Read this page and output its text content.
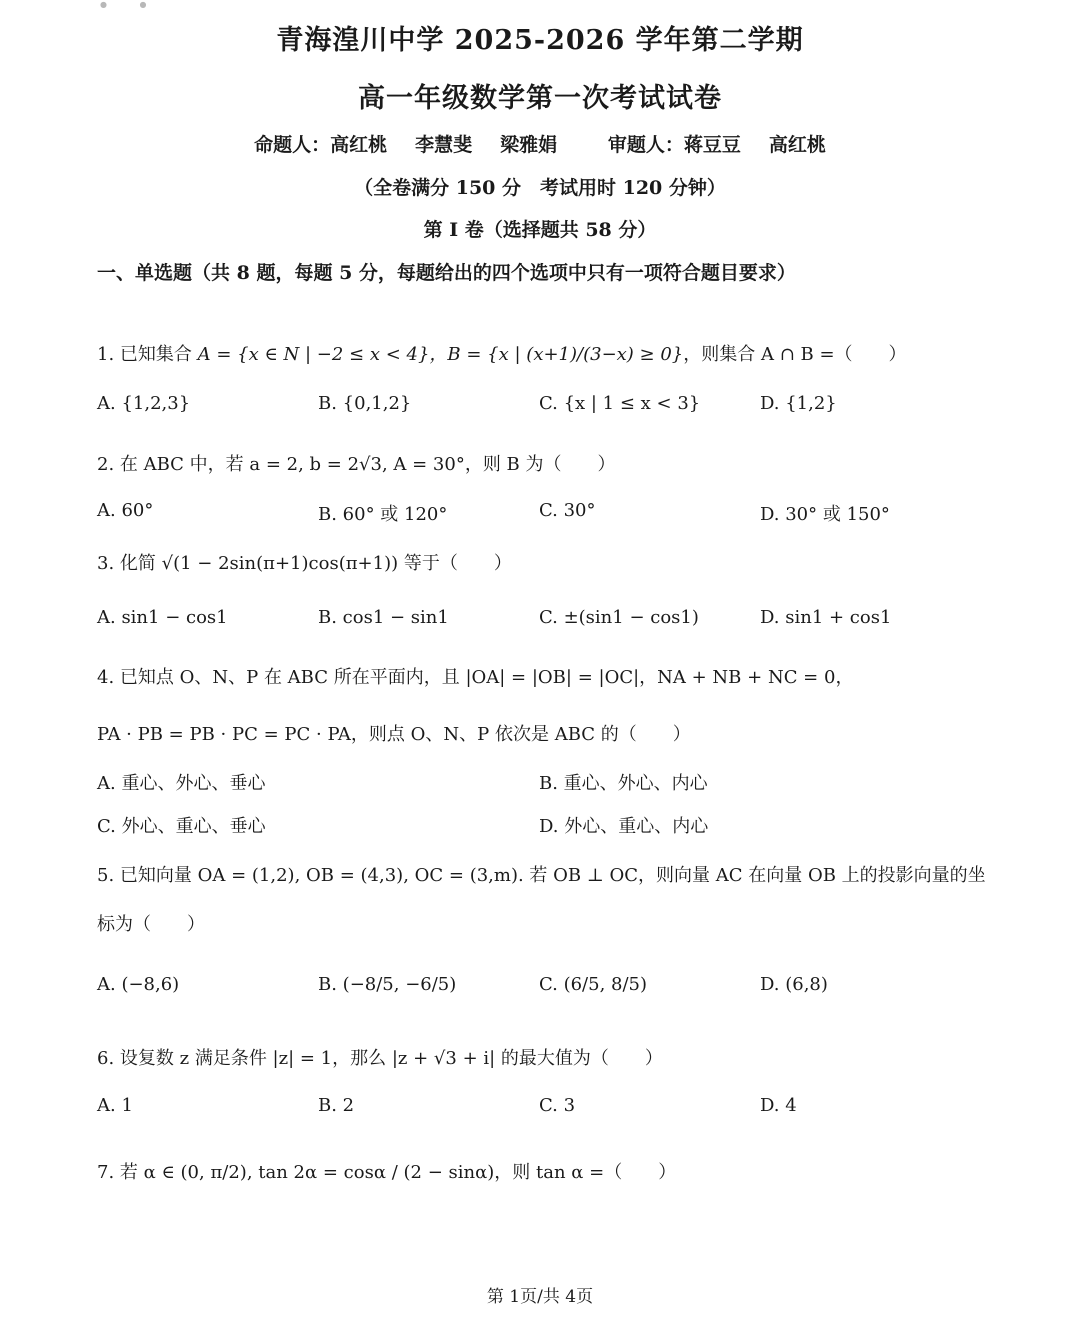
●	●
青海湟川中学 2025-2026 学年第二学期
高一年级数学第一次考试试卷
命题人：高红桃 李慧斐 梁雅娟	审题人：蒋豆豆 高红桃
（全卷满分 150 分　考试用时 120 分钟）
第 I 卷（选择题共 58 分）
一、单选题（共 8 题，每题 5 分，每题给出的四个选项中只有一项符合题目要求）
1. 已知集合 A = {x ∈ N | −2 ≤ x < 4}，B = {x | (x+1)/(3−x) ≥ 0}，则集合 A ∩ B =（　　）
A. {1,2,3}	B. {0,1,2}	C. {x | 1 ≤ x < 3}	D. {1,2}
2. 在 ABC 中，若 a = 2, b = 2√3, A = 30°，则 B 为（　　）
A. 60°	B. 60° 或 120°	C. 30°	D. 30° 或 150°
3. 化简 √(1 − 2sin(π+1)cos(π+1)) 等于（　　）
A. sin1 − cos1	B. cos1 − sin1	C. ±(sin1 − cos1)	D. sin1 + cos1
4. 已知点 O、N、P 在 ABC 所在平面内，且 |OA| = |OB| = |OC|，NA + NB + NC = 0，
PA · PB = PB · PC = PC · PA，则点 O、N、P 依次是 ABC 的（　　）
A. 重心、外心、垂心	B. 重心、外心、内心
C. 外心、重心、垂心	D. 外心、重心、内心
5. 已知向量 OA = (1,2), OB = (4,3), OC = (3,m). 若 OB ⊥ OC，则向量 AC 在向量 OB 上的投影向量的坐
标为（　　）
A. (−8,6)	B. (−8/5, −6/5)	C. (6/5, 8/5)	D. (6,8)
6. 设复数 z 满足条件 |z| = 1，那么 |z + √3 + i| 的最大值为（　　）
A. 1	B. 2	C. 3	D. 4
7. 若 α ∈ (0, π/2), tan 2α = cosα / (2 − sinα)，则 tan α =（　　）
第 1页/共 4页
